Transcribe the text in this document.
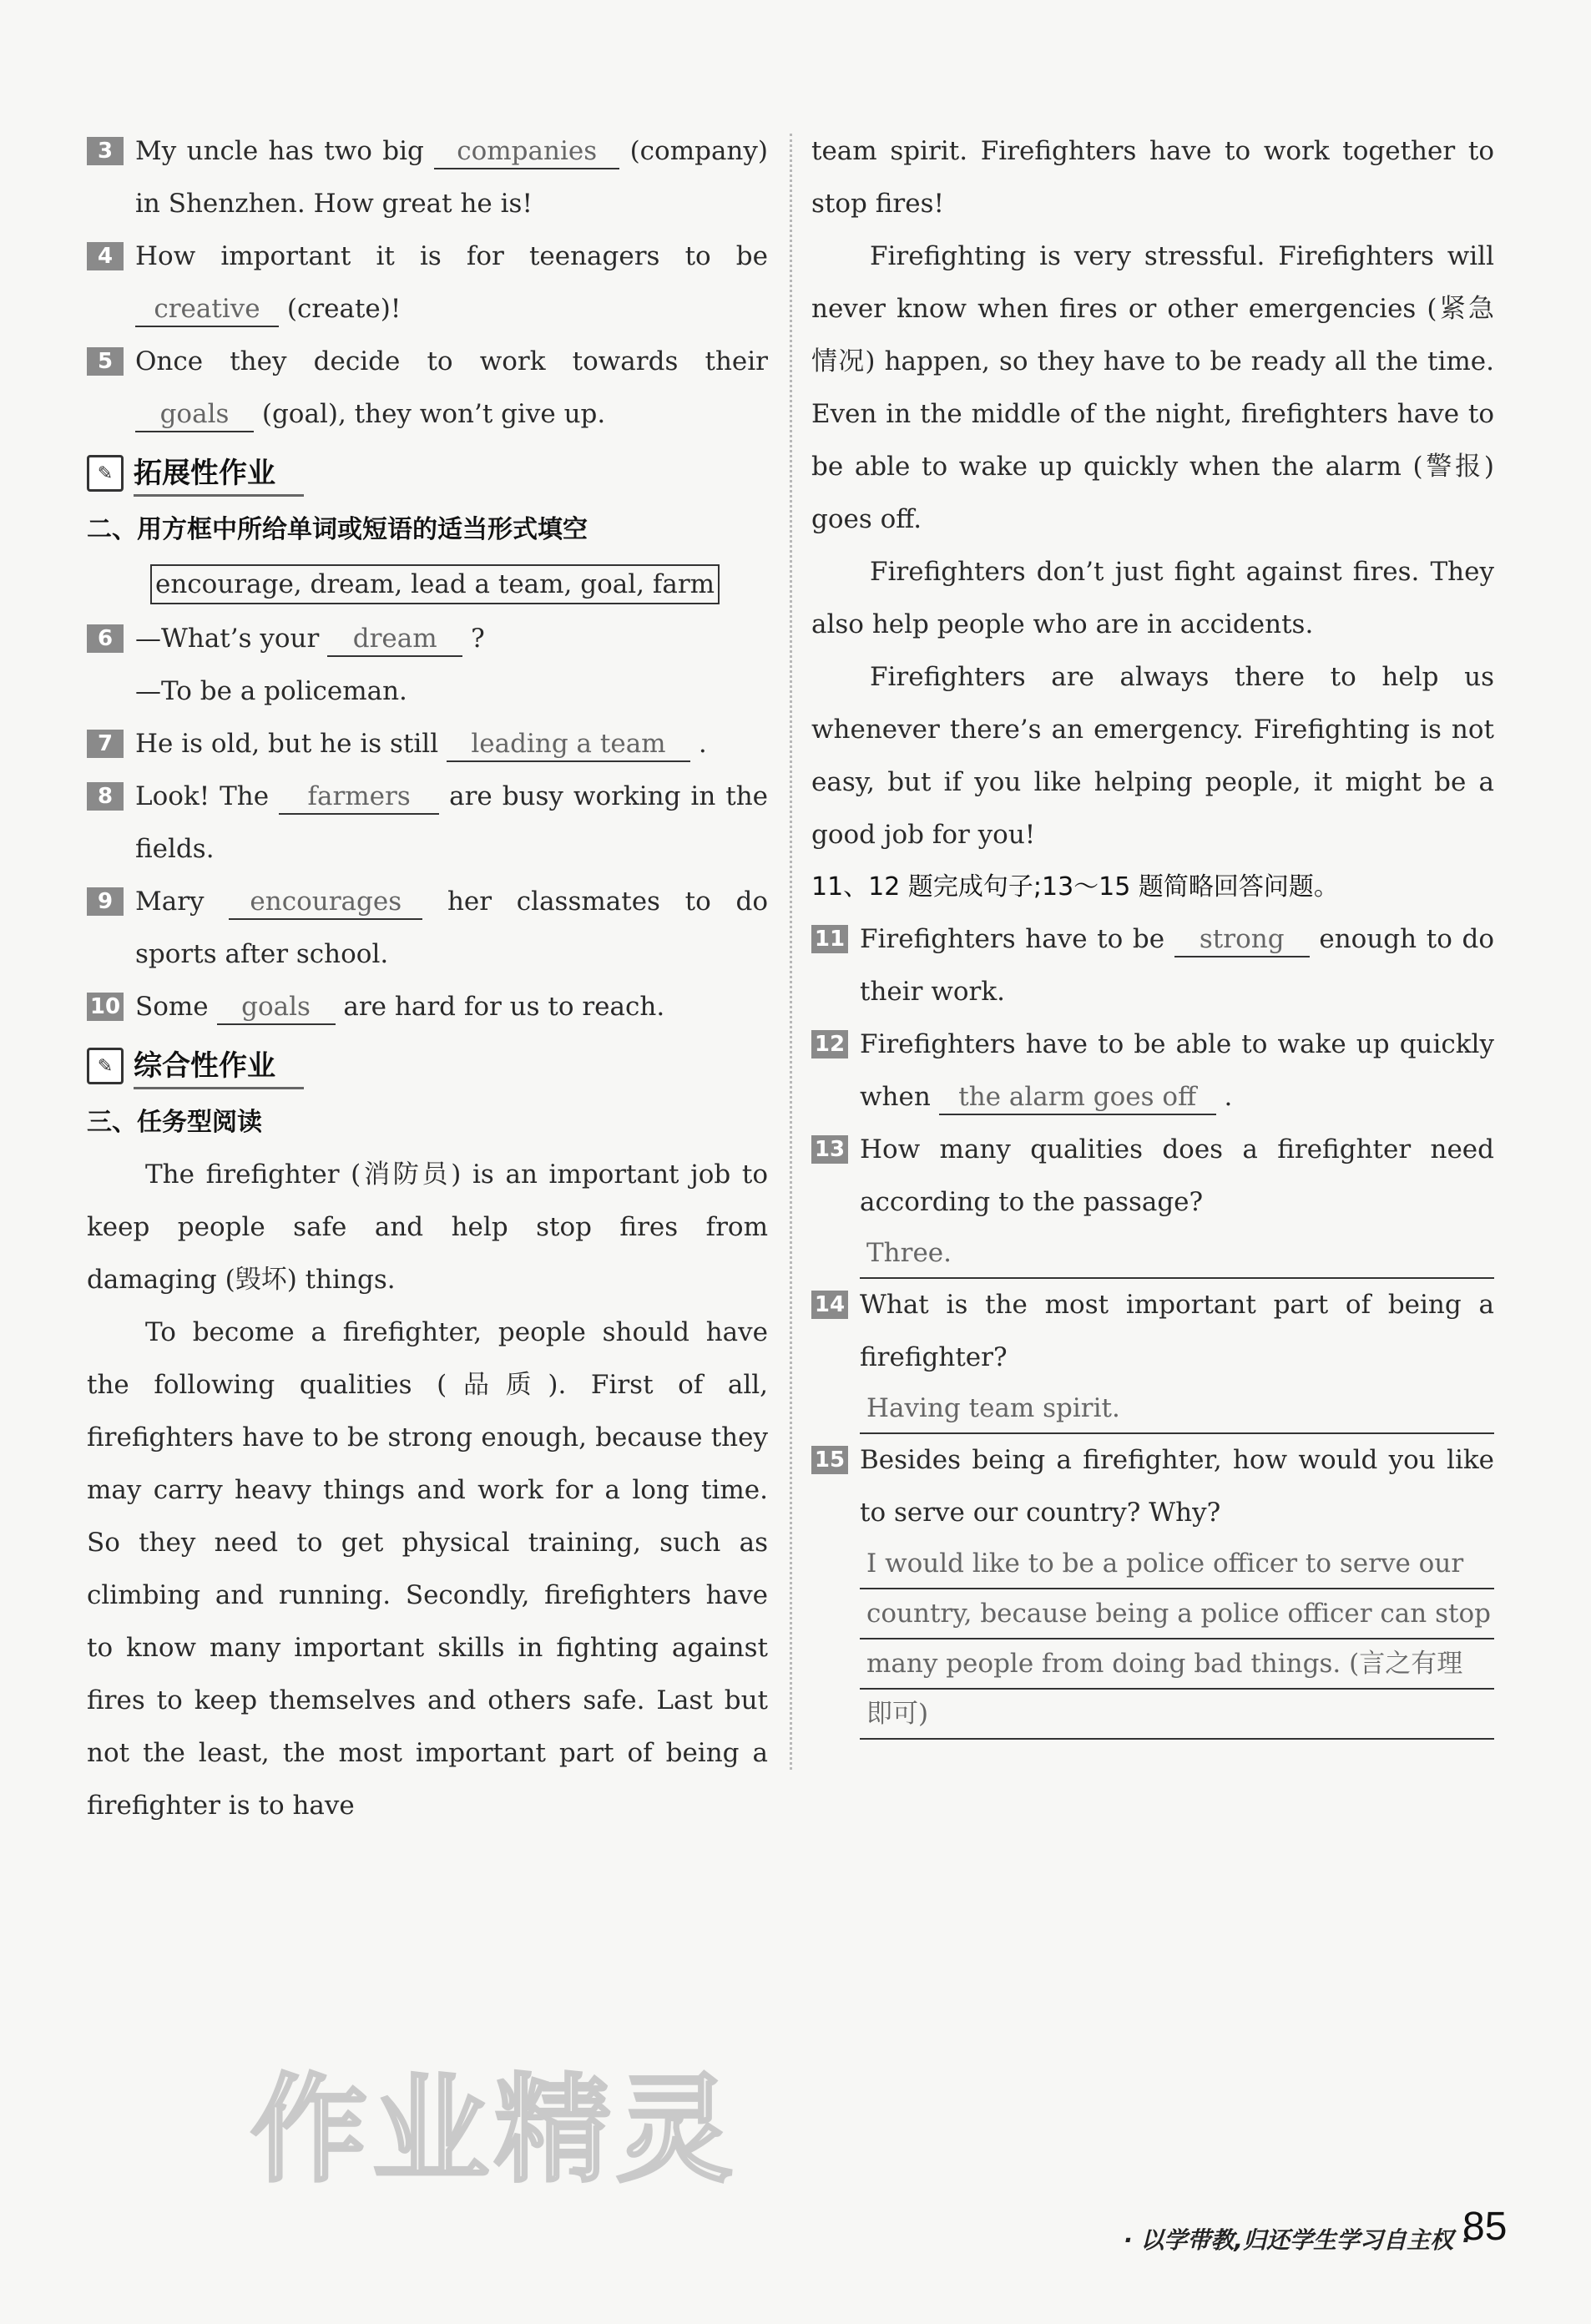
3 My uncle has two big companies (company) in Shenzhen. How great he is!
4 How important it is for teenagers to be creative (create)!
5 Once they decide to work towards their goals (goal), they won’t give up.
✎ 拓展性作业
二、用方框中所给单词或短语的适当形式填空
encourage, dream, lead a team, goal, farm
6 —What’s your dream ?
—To be a policeman.
7 He is old, but he is still leading a team .
8 Look! The farmers are busy working in the fields.
9 Mary encourages her classmates to do sports after school.
10 Some goals are hard for us to reach.
✎ 综合性作业
三、任务型阅读
The firefighter (消防员) is an important job to keep people safe and help stop fires from damaging (毁坏) things.
To become a firefighter, people should have the following qualities (品质). First of all, firefighters have to be strong enough, because they may carry heavy things and work for a long time. So they need to get physical training, such as climbing and running. Secondly, firefighters have to know many important skills in fighting against fires to keep themselves and others safe. Last but not the least, the most important part of being a firefighter is to have
team spirit. Firefighters have to work together to stop fires!
Firefighting is very stressful. Firefighters will never know when fires or other emergencies (紧急情况) happen, so they have to be ready all the time. Even in the middle of the night, firefighters have to be able to wake up quickly when the alarm (警报) goes off.
Firefighters don’t just fight against fires. They also help people who are in accidents.
Firefighters are always there to help us whenever there’s an emergency. Firefighting is not easy, but if you like helping people, it might be a good job for you!
11、12 题完成句子;13～15 题简略回答问题。
11 Firefighters have to be strong enough to do their work.
12 Firefighters have to be able to wake up quickly when the alarm goes off .
13 How many qualities does a firefighter need according to the passage?
Three.
14 What is the most important part of being a firefighter?
Having team spirit.
15 Besides being a firefighter, how would you like to serve our country? Why?
I would like to be a police officer to serve our
country, because being a police officer can stop
many people from doing bad things. (言之有理
即可)
作业精灵
· 以学带教,归还学生学习自主权 ·
85
